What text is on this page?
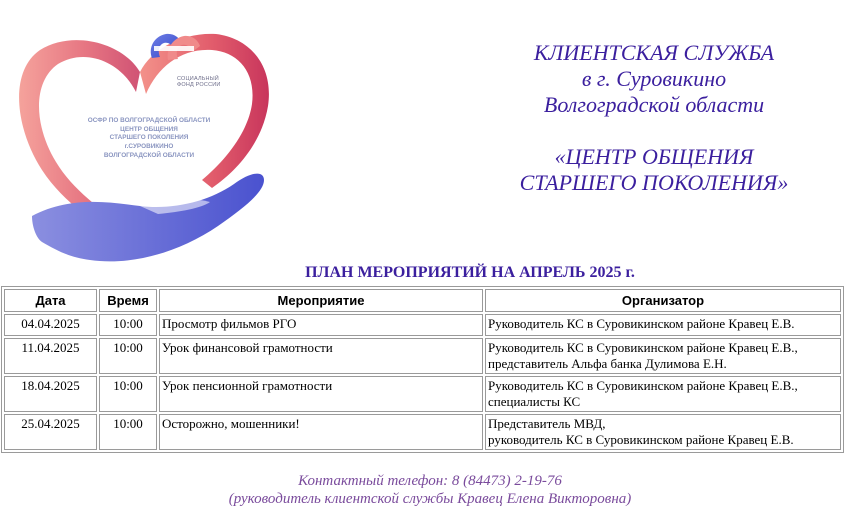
СОЦИАЛЬНЫЙ
ФОНД РОССИИ
ОСФР ПО ВОЛГОГРАДСКОЙ ОБЛАСТИ
ЦЕНТР ОБЩЕНИЯ
СТАРШЕГО ПОКОЛЕНИЯ
г.СУРОВИКИНО
ВОЛГОГРАДСКОЙ ОБЛАСТИ
КЛИЕНТСКАЯ СЛУЖБА
в г. Суровикино
Волгоградской области
«ЦЕНТР ОБЩЕНИЯ
СТАРШЕГО ПОКОЛЕНИЯ»
ПЛАН МЕРОПРИЯТИЙ НА АПРЕЛЬ 2025 г.
Дата	Время	Мероприятие	Организатор
04.04.2025	10:00	Просмотр фильмов РГО	Руководитель КС в Суровикинском районе Кравец Е.В.

11.04.2025	10:00	Урок финансовой грамотности	Руководитель КС в Суровикинском районе Кравец Е.В.,
представитель Альфа банка Дулимова Е.Н.

18.04.2025	10:00	Урок пенсионной грамотности	Руководитель КС в Суровикинском районе Кравец Е.В.,
специалисты КС

25.04.2025	10:00	Осторожно, мошенники!	Представитель МВД,
руководитель КС в Суровикинском районе Кравец Е.В.
Контактный телефон: 8 (84473) 2-19-76
(руководитель клиентской службы Кравец Елена Викторовна)
